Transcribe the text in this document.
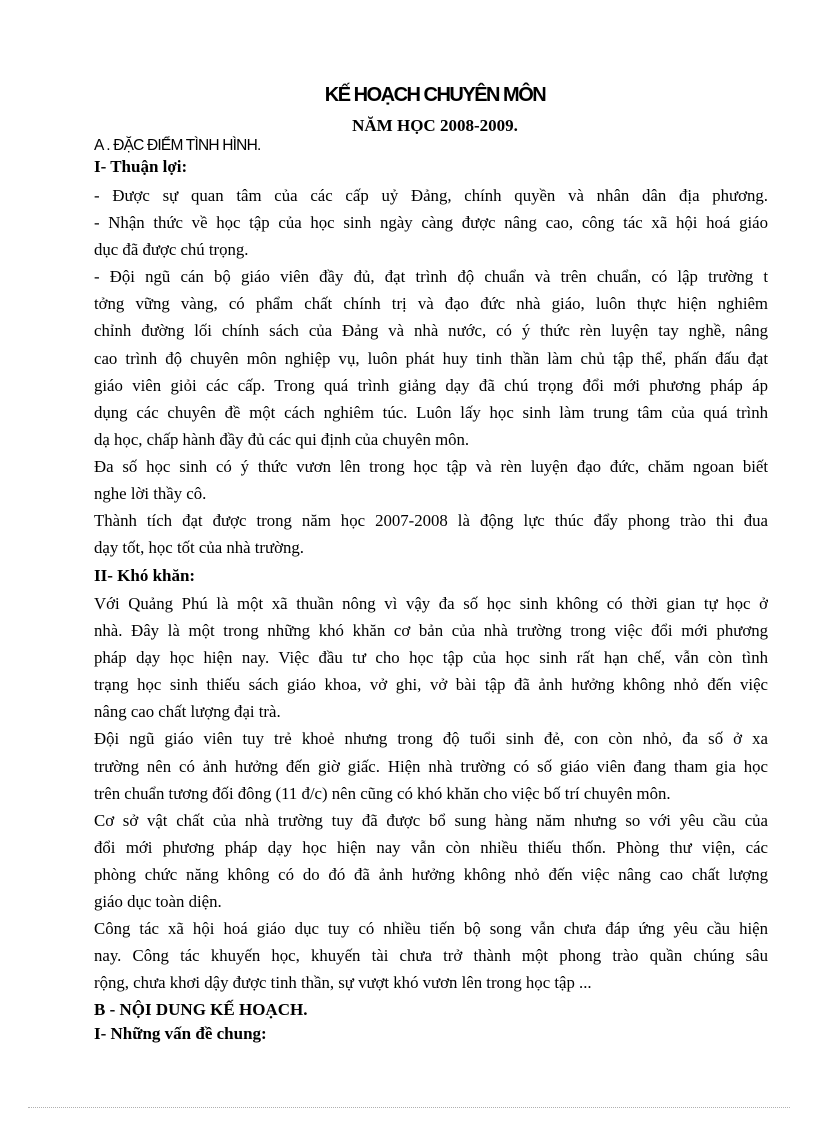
KẾ HOẠCH CHUYÊN MÔN
NĂM HỌC 2008-2009.
A . ĐẶC ĐIỂM TÌNH HÌNH.
I- Thuận lợi:
- Được sự quan tâm của các cấp uỷ Đảng, chính quyền và nhân dân địa phương.
- Nhận thức về học tập của học sinh ngày càng được nâng cao, công tác xã hội hoá giáo
dục đã được chú trọng.
- Đội ngũ cán bộ giáo viên đầy đủ, đạt trình độ chuẩn và trên chuẩn, có lập trường t
tởng vững vàng, có phẩm chất chính trị và đạo đức nhà giáo, luôn thực hiện nghiêm
chỉnh đường lối chính sách của Đảng và nhà nước, có ý thức rèn luyện tay nghề, nâng
cao trình độ chuyên môn nghiệp vụ, luôn phát huy tinh thần làm chủ tập thể, phấn đấu đạt
giáo viên giỏi các cấp. Trong quá trình giảng dạy đã chú trọng đổi mới phương pháp áp
dụng các chuyên đề một cách nghiêm túc. Luôn lấy học sinh làm trung tâm của quá trình
dạ học, chấp hành đầy đủ các qui định của chuyên môn.
Đa số học sinh có ý thức vươn lên trong học tập và rèn luyện đạo đức, chăm ngoan biết
nghe lời thầy cô.
Thành tích đạt được trong năm học 2007-2008 là động lực thúc đẩy phong trào thi đua
dạy tốt, học tốt của nhà trường.
II- Khó khăn:
Với Quảng Phú là một xã thuần nông vì vậy đa số học sinh không có thời gian tự học ở
nhà. Đây là một trong những khó khăn cơ bản của nhà trường trong việc đổi mới phương
pháp dạy học hiện nay. Việc đầu tư cho học tập của học sinh rất hạn chế, vẫn còn tình
trạng học sinh thiếu sách giáo khoa, vở ghi, vở bài tập đã ảnh hưởng không nhỏ đến việc
nâng cao chất lượng đại trà.
Đội ngũ giáo viên tuy trẻ khoẻ nhưng trong độ tuổi sinh đẻ, con còn nhỏ, đa số ở xa
trường nên có ảnh hưởng đến giờ giấc. Hiện nhà trường có số giáo viên đang tham gia học
trên chuẩn tương đối đông (11 đ/c) nên cũng có khó khăn cho việc bố trí chuyên môn.
Cơ sở vật chất của nhà trường tuy đã được bổ sung hàng năm nhưng so với yêu cầu của
đổi mới phương pháp dạy học hiện nay vẫn còn nhiều thiếu thốn. Phòng thư viện, các
phòng chức năng không có do đó đã ảnh hưởng không nhỏ đến việc nâng cao chất lượng
giáo dục toàn diện.
Công tác xã hội hoá giáo dục tuy có nhiều tiến bộ song vẫn chưa đáp ứng yêu cầu hiện
nay. Công tác khuyến học, khuyến tài chưa trở thành một phong trào quần chúng sâu
rộng, chưa khơi dậy được tinh thần, sự vượt khó vươn lên trong học tập ...
B - NỘI DUNG KẾ HOẠCH.
I- Những vấn đề chung:
